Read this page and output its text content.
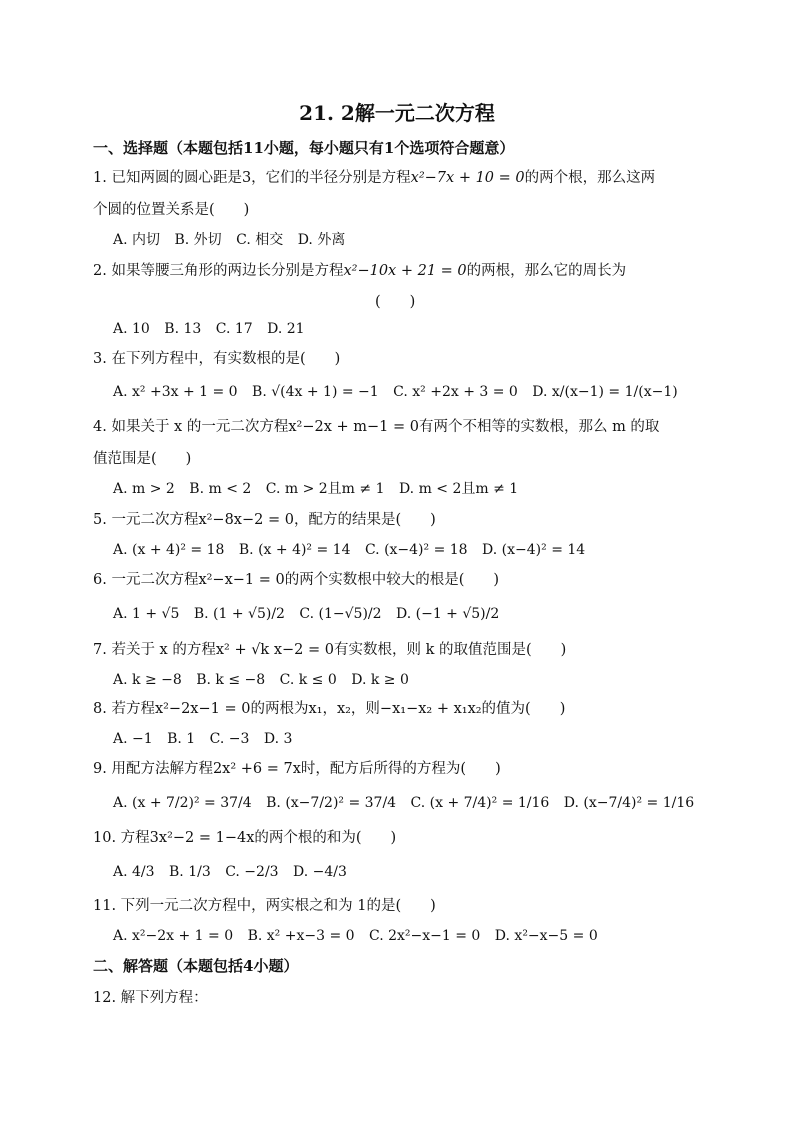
21. 2解一元二次方程
一、选择题（本题包括11小题，每小题只有1个选项符合题意）
1. 已知两圆的圆心距是3，它们的半径分别是方程x²−7x + 10 = 0的两个根，那么这两
个圆的位置关系是(　　)
A. 内切 B. 外切 C. 相交 D. 外离
2. 如果等腰三角形的两边长分别是方程x²−10x + 21 = 0的两根，那么它的周长为
(　　)
A. 10 B. 13 C. 17 D. 21
3. 在下列方程中，有实数根的是(　　)
A. x² +3x + 1 = 0 B. √(4x + 1) = −1 C. x² +2x + 3 = 0 D. x/(x−1) = 1/(x−1)
4. 如果关于 x 的一元二次方程x²−2x + m−1 = 0有两个不相等的实数根，那么 m 的取
值范围是(　　)
A. m > 2 B. m < 2 C. m > 2且m ≠ 1 D. m < 2且m ≠ 1
5. 一元二次方程x²−8x−2 = 0，配方的结果是(　　)
A. (x + 4)² = 18 B. (x + 4)² = 14 C. (x−4)² = 18 D. (x−4)² = 14
6. 一元二次方程x²−x−1 = 0的两个实数根中较大的根是(　　)
A. 1 + √5 B. (1 + √5)/2 C. (1−√5)/2 D. (−1 + √5)/2
7. 若关于 x 的方程x² + √k x−2 = 0有实数根，则 k 的取值范围是(　　)
A. k ≥ −8 B. k ≤ −8 C. k ≤ 0 D. k ≥ 0
8. 若方程x²−2x−1 = 0的两根为x₁，x₂，则−x₁−x₂ + x₁x₂的值为(　　)
A. −1 B. 1 C. −3 D. 3
9. 用配方法解方程2x² +6 = 7x时，配方后所得的方程为(　　)
A. (x + 7/2)² = 37/4 B. (x−7/2)² = 37/4 C. (x + 7/4)² = 1/16 D. (x−7/4)² = 1/16
10. 方程3x²−2 = 1−4x的两个根的和为(　　)
A. 4/3 B. 1/3 C. −2/3 D. −4/3
11. 下列一元二次方程中，两实根之和为 1的是(　　)
A. x²−2x + 1 = 0 B. x² +x−3 = 0 C. 2x²−x−1 = 0 D. x²−x−5 = 0
二、解答题（本题包括4小题）
12. 解下列方程：
